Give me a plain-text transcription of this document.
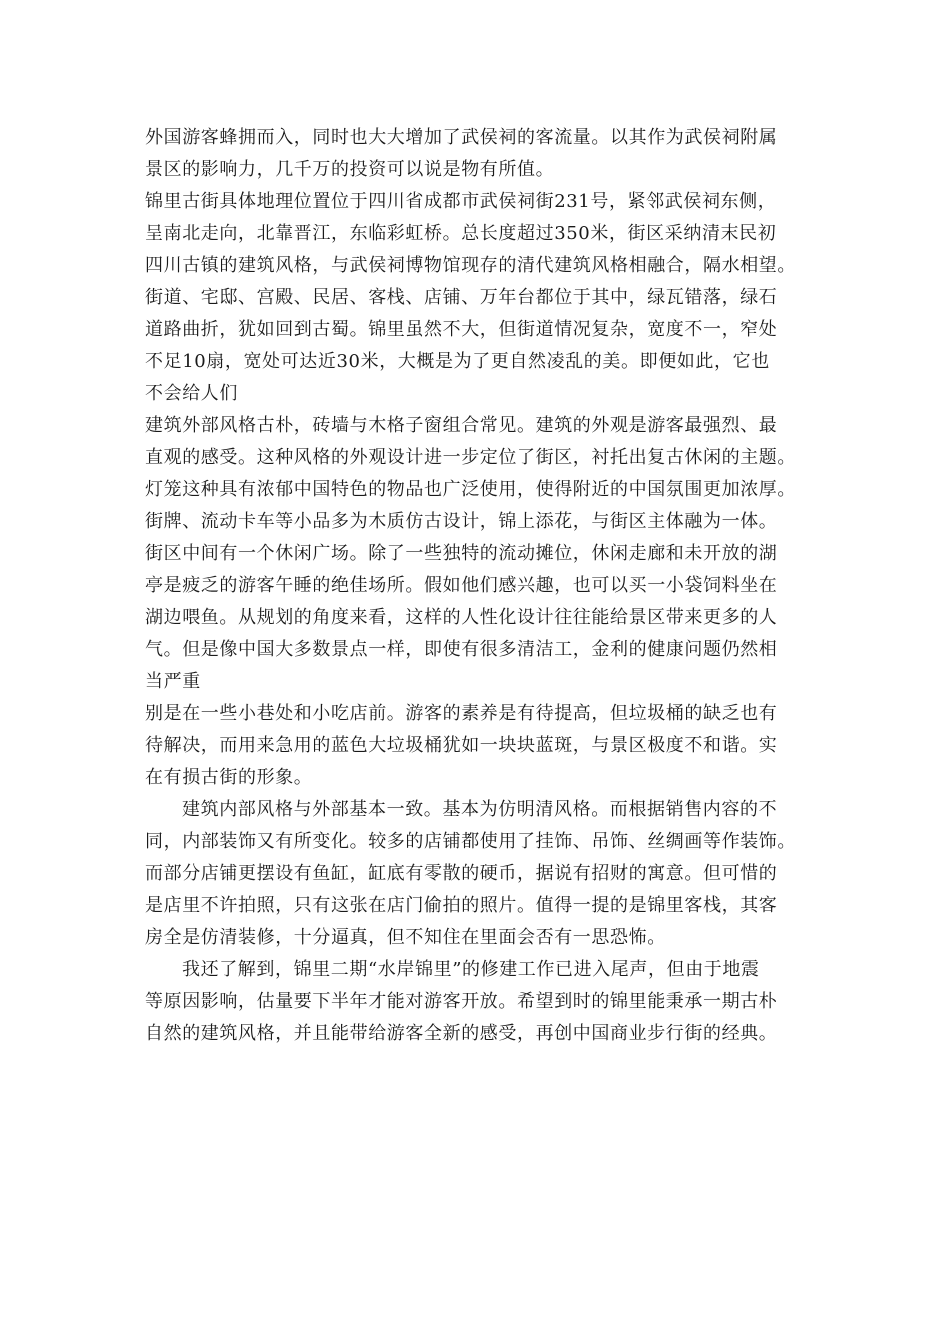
外国游客蜂拥而入，同时也大大增加了武侯祠的客流量。以其作为武侯祠附属
景区的影响力，几千万的投资可以说是物有所值。
锦里古街具体地理位置位于四川省成都市武侯祠街231号，紧邻武侯祠东侧，
呈南北走向，北靠晋江，东临彩虹桥。总长度超过350米，街区采纳清末民初
四川古镇的建筑风格，与武侯祠博物馆现存的清代建筑风格相融合，隔水相望。
街道、宅邸、宫殿、民居、客栈、店铺、万年台都位于其中，绿瓦错落，绿石
道路曲折，犹如回到古蜀。锦里虽然不大，但街道情况复杂，宽度不一，窄处
不足10扇，宽处可达近30米，大概是为了更自然凌乱的美。即便如此，它也
不会给人们
建筑外部风格古朴，砖墙与木格子窗组合常见。建筑的外观是游客最强烈、最
直观的感受。这种风格的外观设计进一步定位了街区，衬托出复古休闲的主题。
灯笼这种具有浓郁中国特色的物品也广泛使用，使得附近的中国氛围更加浓厚。
街牌、流动卡车等小品多为木质仿古设计，锦上添花，与街区主体融为一体。
街区中间有一个休闲广场。除了一些独特的流动摊位，休闲走廊和未开放的湖
亭是疲乏的游客午睡的绝佳场所。假如他们感兴趣，也可以买一小袋饲料坐在
湖边喂鱼。从规划的角度来看，这样的人性化设计往往能给景区带来更多的人
气。但是像中国大多数景点一样，即使有很多清洁工，金利的健康问题仍然相
当严重
别是在一些小巷处和小吃店前。游客的素养是有待提高，但垃圾桶的缺乏也有
待解决，而用来急用的蓝色大垃圾桶犹如一块块蓝斑，与景区极度不和谐。实
在有损古街的形象。
建筑内部风格与外部基本一致。基本为仿明清风格。而根据销售内容的不
同，内部装饰又有所变化。较多的店铺都使用了挂饰、吊饰、丝绸画等作装饰。
而部分店铺更摆设有鱼缸，缸底有零散的硬币，据说有招财的寓意。但可惜的
是店里不许拍照，只有这张在店门偷拍的照片。值得一提的是锦里客栈，其客
房全是仿清装修，十分逼真，但不知住在里面会否有一思恐怖。
我还了解到，锦里二期“水岸锦里”的修建工作已进入尾声，但由于地震
等原因影响，估量要下半年才能对游客开放。希望到时的锦里能秉承一期古朴
自然的建筑风格，并且能带给游客全新的感受，再创中国商业步行街的经典。
